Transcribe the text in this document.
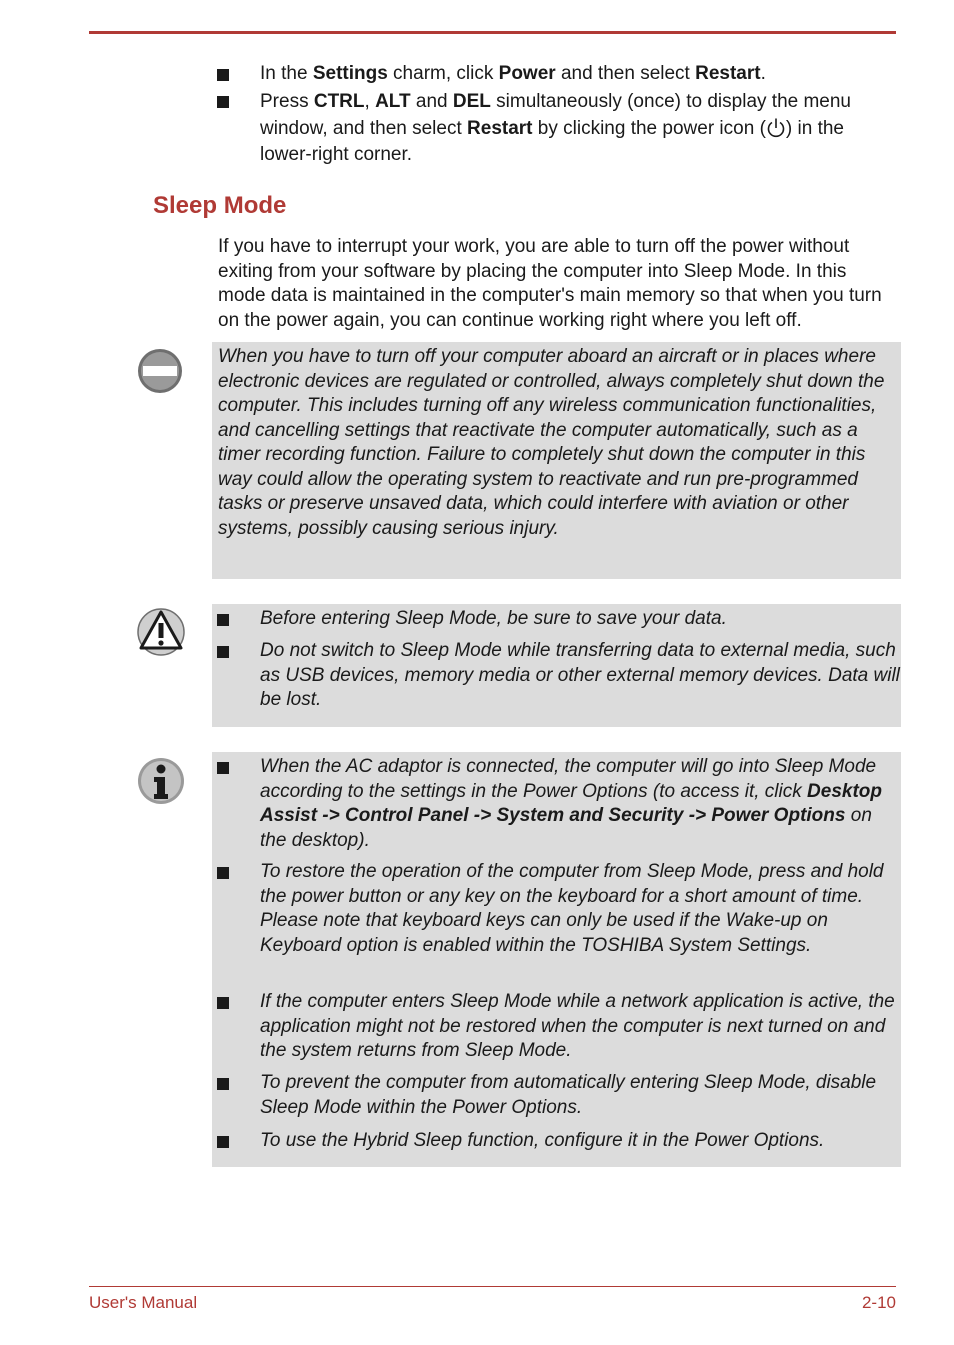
In the Settings charm, click Power and then select Restart.
Press CTRL, ALT and DEL simultaneously (once) to display the menu window, and then select Restart by clicking the power icon ( ) in the lower-right corner.
Sleep Mode
If you have to interrupt your work, you are able to turn off the power without exiting from your software by placing the computer into Sleep Mode. In this mode data is maintained in the computer's main memory so that when you turn on the power again, you can continue working right where you left off.
When you have to turn off your computer aboard an aircraft or in places where electronic devices are regulated or controlled, always completely shut down the computer. This includes turning off any wireless communication functionalities, and cancelling settings that reactivate the computer automatically, such as a timer recording function. Failure to completely shut down the computer in this way could allow the operating system to reactivate and run pre-programmed tasks or preserve unsaved data, which could interfere with aviation or other systems, possibly causing serious injury.
Before entering Sleep Mode, be sure to save your data.
Do not switch to Sleep Mode while transferring data to external media, such as USB devices, memory media or other external memory devices. Data will be lost.
When the AC adaptor is connected, the computer will go into Sleep Mode according to the settings in the Power Options (to access it, click Desktop Assist -> Control Panel -> System and Security -> Power Options on the desktop).
To restore the operation of the computer from Sleep Mode, press and hold the power button or any key on the keyboard for a short amount of time. Please note that keyboard keys can only be used if the Wake-up on Keyboard option is enabled within the TOSHIBA System Settings.
If the computer enters Sleep Mode while a network application is active, the application might not be restored when the computer is next turned on and the system returns from Sleep Mode.
To prevent the computer from automatically entering Sleep Mode, disable Sleep Mode within the Power Options.
To use the Hybrid Sleep function, configure it in the Power Options.
User's Manual	2-10
